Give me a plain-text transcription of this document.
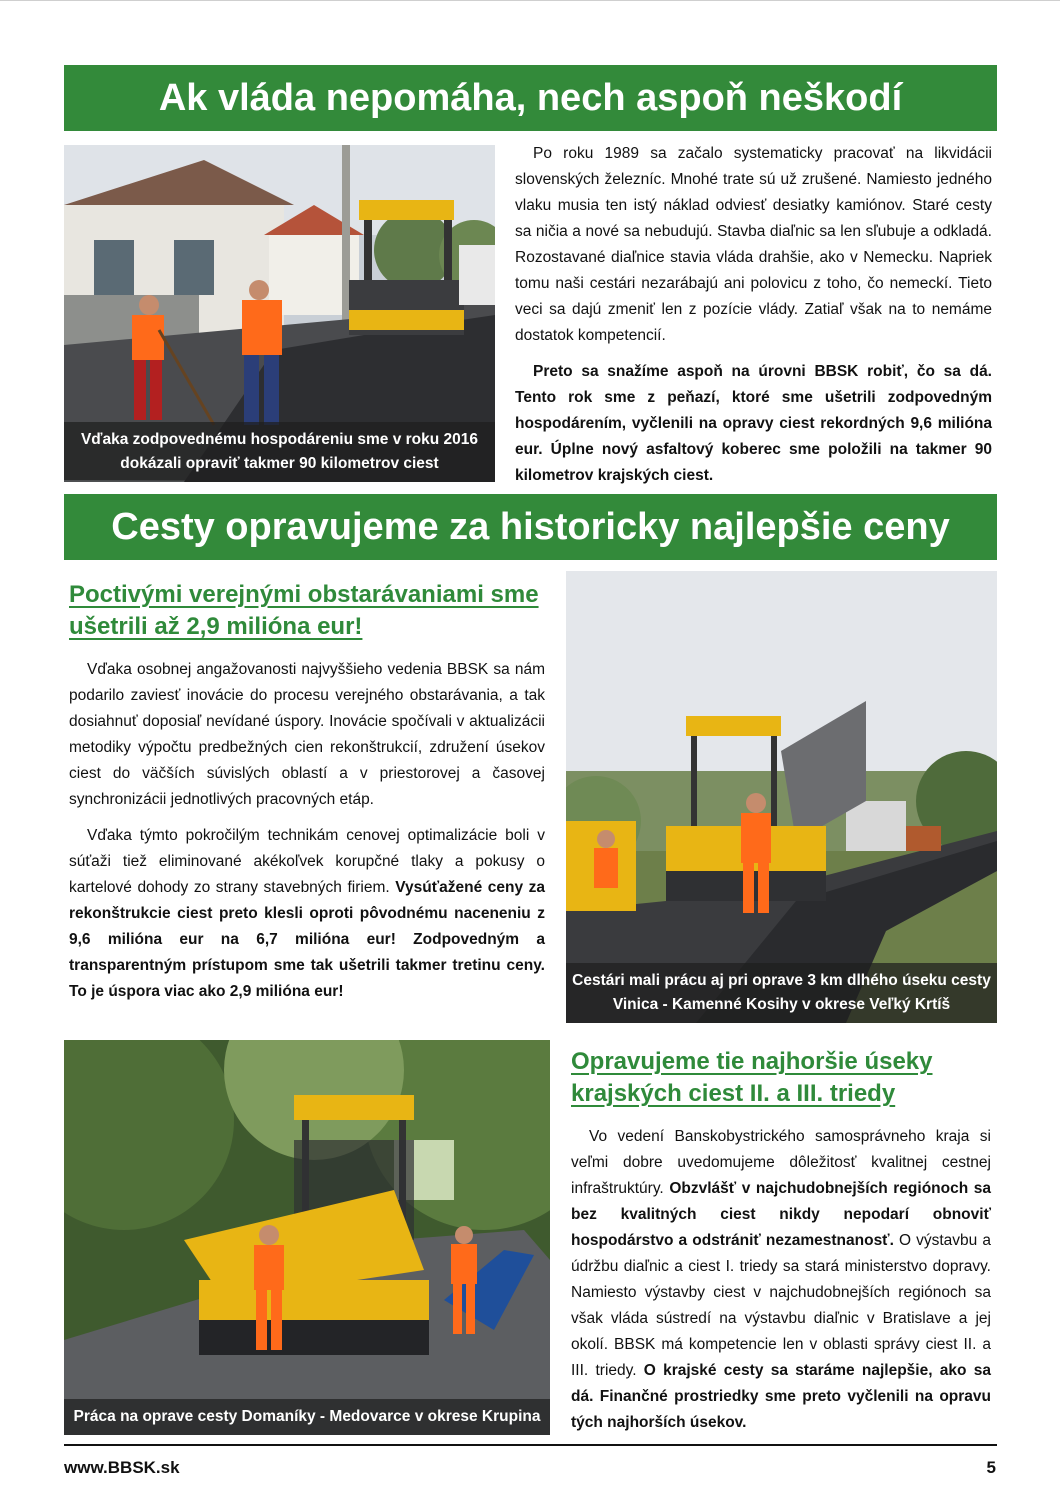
Ak vláda nepomáha, nech aspoň neškodí
Vďaka zodpovednému hospodáreniu sme v roku 2016 dokázali opraviť takmer 90 kilometrov ciest

Po roku 1989 sa začalo systematicky pracovať na likvidácii slovenských železníc. Mnohé trate sú už zrušené. Namiesto jedného vlaku musia ten istý náklad odviesť desiatky kamiónov. Staré cesty sa ničia a nové sa nebudujú. Stavba diaľnic sa len sľubuje a odkladá. Rozostavané diaľnice stavia vláda drahšie, ako v Nemecku. Napriek tomu naši cestári nezarábajú ani polovicu z toho, čo nemeckí. Tieto veci sa dajú zmeniť len z pozície vlády. Zatiaľ však na to nemáme dostatok kompetencií.

Preto sa snažíme aspoň na úrovni BBSK robiť, čo sa dá. Tento rok sme z peňazí, ktoré sme ušetrili zodpovedným hospodárením, vyčlenili na opravy ciest rekordných 9,6 milióna eur. Úplne nový asfaltový koberec sme položili na takmer 90 kilometrov krajských ciest.

Cesty opravujeme za historicky najlepšie ceny
Poctivými verejnými obstarávaniami sme ušetrili až 2,9 milióna eur!

Vďaka osobnej angažovanosti najvyššieho vedenia BBSK sa nám podarilo zaviesť inovácie do procesu verejného obstarávania, a tak dosiahnuť doposiaľ nevídané úspory. Inovácie spočívali v aktualizácii metodiky výpočtu predbežných cien rekonštrukcií, združení úsekov ciest do väčších súvislých oblastí a v priestorovej a časovej synchronizácii jednotlivých pracovných etáp.

Vďaka týmto pokročilým technikám cenovej optimalizácie boli v súťaži tiež eliminované akékoľvek korupčné tlaky a pokusy o kartelové dohody zo strany stavebných firiem. Vysúťažené ceny za rekonštrukcie ciest preto klesli oproti pôvodnému naceneniu z 9,6 milióna eur na 6,7 milióna eur! Zodpovedným a transparentným prístupom sme tak ušetrili takmer tretinu ceny. To je úspora viac ako 2,9 milióna eur!

Cestári mali prácu aj pri oprave 3 km dlhého úseku cesty Vinica - Kamenné Kosihy v okrese Veľký Krtíš
Práca na oprave cesty Domaníky - Medovarce v okrese Krupina
Opravujeme tie najhoršie úseky krajských ciest II. a III. triedy

Vo vedení Banskobystrického samosprávneho kraja si veľmi dobre uvedomujeme dôležitosť kvalitnej cestnej infraštruktúry. Obzvlášť v najchudobnejších regiónoch sa bez kvalitných ciest nikdy nepodarí obnoviť hospodárstvo a odstrániť nezamestnanosť. O výstavbu a údržbu diaľnic a ciest I. triedy sa stará ministerstvo dopravy. Namiesto výstavby ciest v najchudobnejších regiónoch sa však vláda sústredí na výstavbu diaľnic v Bratislave a jej okolí. BBSK má kompetencie len v oblasti správy ciest II. a III. triedy. O krajské cesty sa staráme najlepšie, ako sa dá. Finančné prostriedky sme preto vyčlenili na opravu tých najhorších úsekov.

www.BBSK.sk	5
